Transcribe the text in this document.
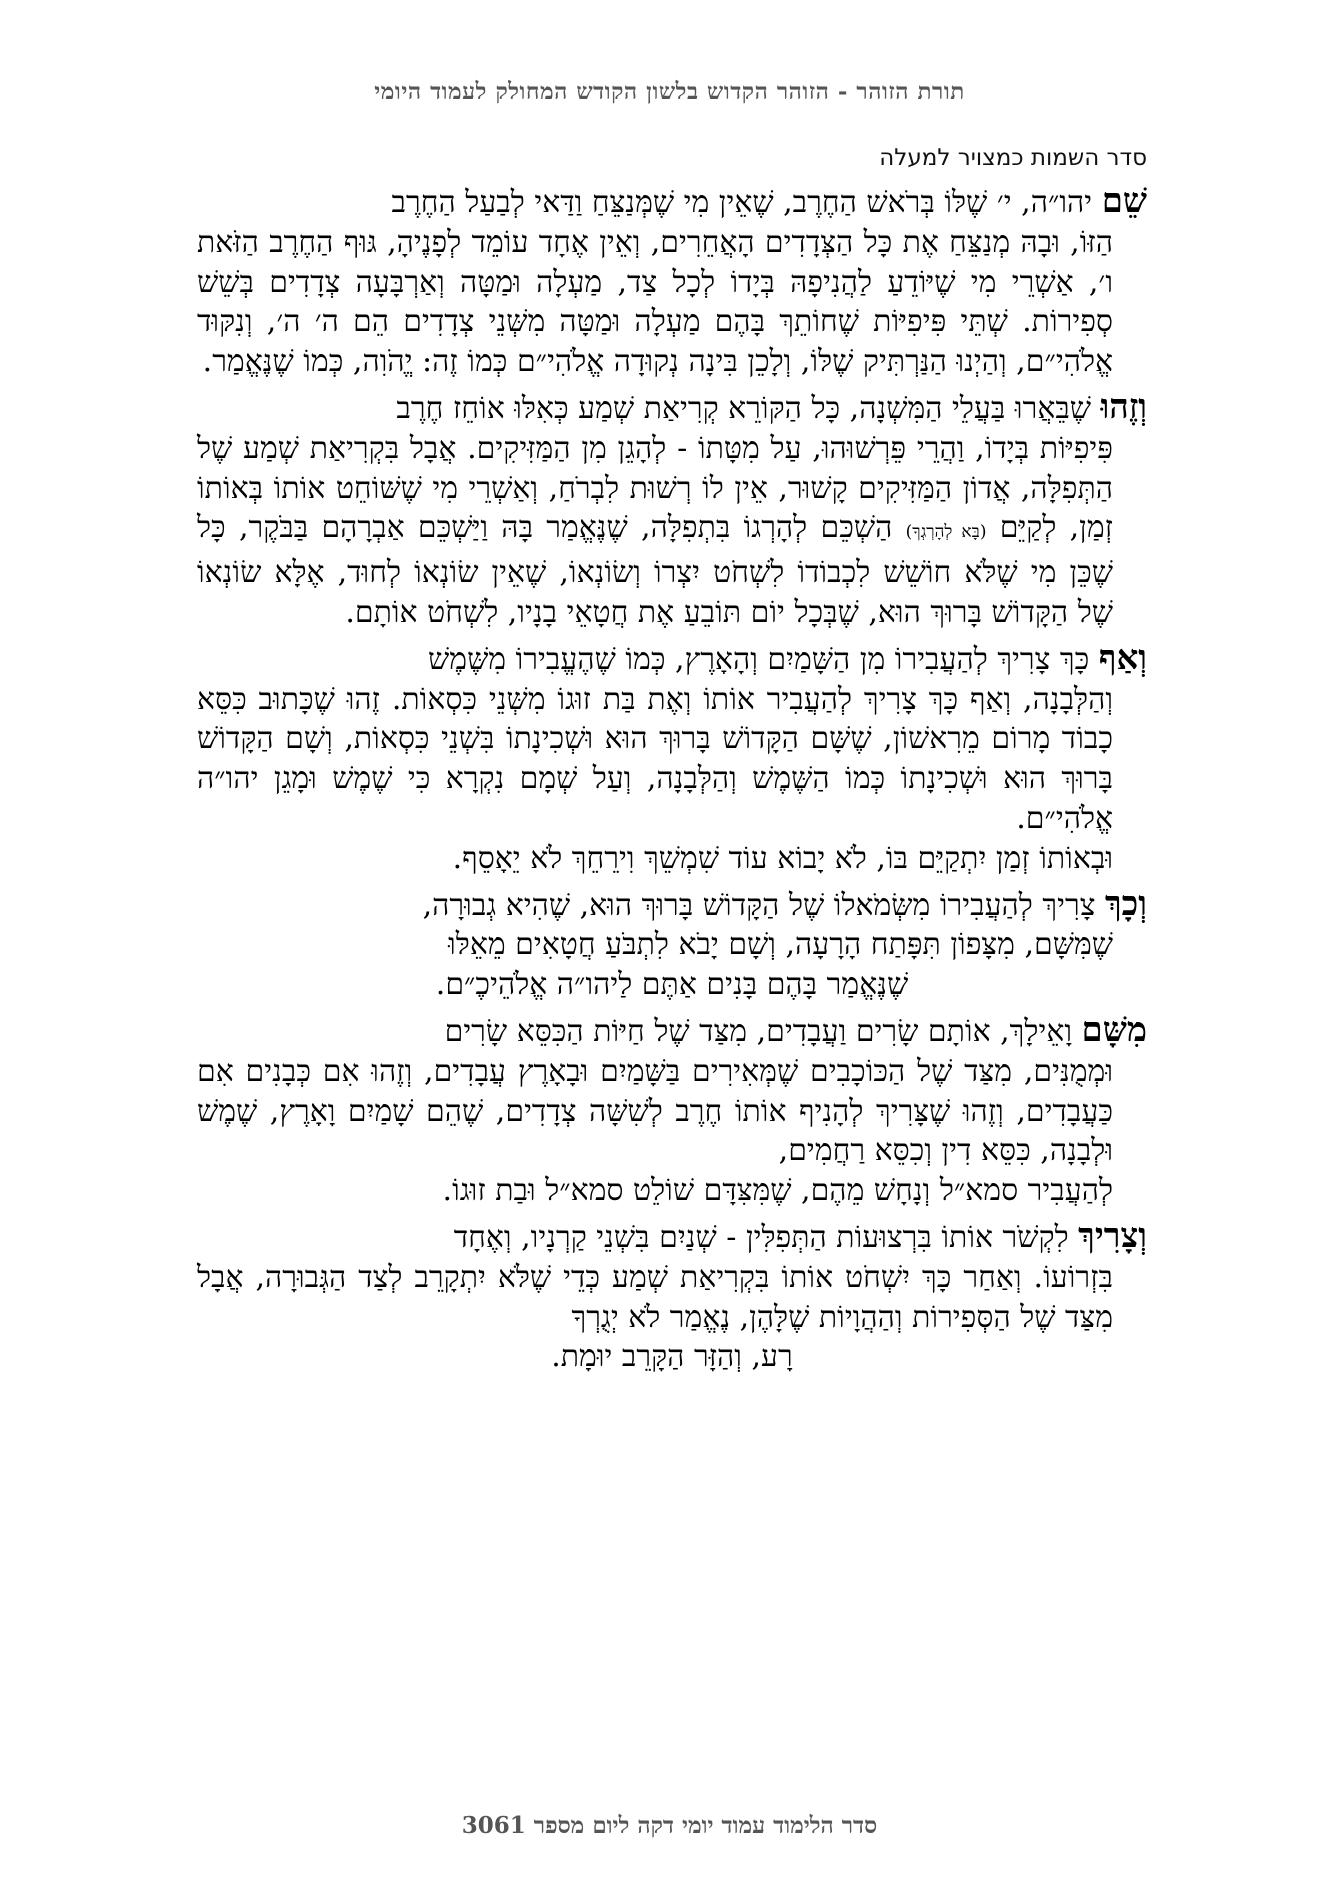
תורת הזוהר - הזוהר הקדוש בלשון הקודש המחולק לעמוד היומי
סדר השמות כמצויר למעלה

שֵׁם יהו״ה, י׳ שֶׁלּוֹ בְּרֹאשׁ הַחֶרֶב, שֶׁאֵין מִי שֶׁמְּנַצֵּחַ וַדַּאי לְבַעַל הַחֶרֶב
הַזּוֹ, וּבָהּ מְנַצֵּחַ אֶת כָּל הַצְּדָדִים הָאֲחֵרִים, וְאֵין אֶחָד עוֹמֵד לְפָנֶיהָ, גּוּף הַחֶרֶב הַזֹּאת ו׳, אַשְׁרֵי מִי שֶׁיּוֹדֵעַ לַהֲנִיפָהּ בְּיָדוֹ לְכָל צַד, מַעְלָה וּמַטָּה וְאַרְבָּעָה צְדָדִים בְּשֵׁשׁ סְפִירוֹת. שְׁתֵּי פִּיפִיּוֹת שֶׁחוֹתֵךְ בָּהֶם מַעְלָה וּמַטָּה מִשְּׁנֵי צְדָדִים הֵם ה׳ ה׳, וְנִקּוּד אֱלֹהִי״ם, וְהַיְנוּ הַנַּרְתִּיק שֶׁלּוֹ, וְלָכֵן בִּינָה נְקוּדָה אֱלֹהִי״ם כְּמוֹ זֶה: יֱהֹוִה, כְּמוֹ שֶׁנֶּאֱמַר.

וְזֶהוּ שֶׁבֵּאֲרוּ בַּעֲלֵי הַמִּשְׁנָה, כָּל הַקּוֹרֵא קְרִיאַת שְׁמַע כְּאִלּוּ אוֹחֵז חֶרֶב
פִּיפִיּוֹת בְּיָדוֹ, וַהֲרֵי פֵּרְשׁוּהוּ, עַל מִטָּתוֹ - לְהָגֵן מִן הַמַּזִּיקִים. אֲבָל בִּקְרִיאַת שְׁמַע שֶׁל הַתְּפִלָּה, אֲדוֹן הַמַּזִּיקִים קָשׁוּר, אֵין לוֹ רְשׁוּת לִבְרֹחַ, וְאַשְׁרֵי מִי שֶׁשּׁוֹחֵט אוֹתוֹ בְּאוֹתוֹ זְמַן, לְקַיֵּם (בָּא לְהָרְגְךָ) הַשְׁכֵּם לְהָרְגוֹ בִּתְפִלָּה, שֶׁנֶּאֱמַר בָּהּ וַיַּשְׁכֵּם אַבְרָהָם בַּבֹּקֶר, כָּל שֶׁכֵּן מִי שֶׁלֹּא חוֹשֵׁשׁ לִכְבוֹדוֹ לִשְׁחֹט יִצְרוֹ וְשׂוֹנְאוֹ, שֶׁאֵין שׂוֹנְאוֹ לְחוּד, אֶלָּא שׂוֹנְאוֹ שֶׁל הַקָּדוֹשׁ בָּרוּךְ הוּא, שֶׁבְּכָל יוֹם תּוֹבֵעַ אֶת חֲטָאֵי בָנָיו, לִשְׁחֹט אוֹתָם.

וְאַף כָּךְ צָרִיךְ לְהַעֲבִירוֹ מִן הַשָּׁמַיִם וְהָאָרֶץ, כְּמוֹ שֶׁהֶעֱבִירוֹ מִשֶּׁמֶשׁ
וְהַלְּבָנָה, וְאַף כָּךְ צָרִיךְ לְהַעֲבִיר אוֹתוֹ וְאֶת בַּת זוּגוֹ מִשְּׁנֵי כִּסְאוֹת. זֶהוּ שֶׁכָּתוּב כִּסֵּא כָבוֹד מָרוֹם מֵרִאשׁוֹן, שֶׁשָּׁם הַקָּדוֹשׁ בָּרוּךְ הוּא וּשְׁכִינָתוֹ בִּשְׁנֵי כִּסְאוֹת, וְשָׁם הַקָּדוֹשׁ בָּרוּךְ הוּא וּשְׁכִינָתוֹ כְּמוֹ הַשֶּׁמֶשׁ וְהַלְּבָנָה, וְעַל שְׁמָם נִקְרָא כִּי שֶׁמֶשׁ וּמָגֵן יהו״ה אֱלֹהִי״ם.
וּבְאוֹתוֹ זְמַן יִתְקַיֵּם בּוֹ, לֹא יָבוֹא עוֹד שִׁמְשֵׁךְ וִירֵחֵךְ לֹא יֵאָסֵף.

וְכָךְ צָרִיךְ לְהַעֲבִירוֹ מִשְּׂמֹאלוֹ שֶׁל הַקָּדוֹשׁ בָּרוּךְ הוּא, שֶׁהִיא גְבוּרָה,
שֶׁמִּשָּׁם, מִצָּפוֹן תִּפָּתַח הָרָעָה, וְשָׁם יָבֹא לִתְבֹּעַ חֲטָאִים מֵאֵלּוּ
שֶׁנֶּאֱמַר בָּהֶם בָּנִים אַתֶּם לַיהו״ה אֱלֹהֵיכֶ״ם.

מִשָּׁם וָאֵילָךְ, אוֹתָם שָׂרִים וַעֲבָדִים, מִצַּד שֶׁל חַיּוֹת הַכִּסֵּא שָׂרִים
וּמְמֻנִּים, מִצַּד שֶׁל הַכּוֹכָבִים שֶׁמְּאִירִים בַּשָּׁמַיִם וּבָאָרֶץ עֲבָדִים, וְזֶהוּ אִם כְּבָנִים אִם כַּעֲבָדִים, וְזֶהוּ שֶׁצָּרִיךְ לְהָנִיף אוֹתוֹ חֶרֶב לְשִׁשָּׁה צְדָדִים, שֶׁהֵם שָׁמַיִם וָאָרֶץ, שֶׁמֶשׁ וּלְבָנָה, כִּסֵּא דִין וְכִסֵּא רַחֲמִים,
לְהַעֲבִיר סמא״ל וְנָחָשׁ מֵהֶם, שֶׁמִּצִּדָּם שׁוֹלֵט סמא״ל וּבַת זוּגוֹ.

וְצָרִיךְ לִקְשֹׁר אוֹתוֹ בִּרְצוּעוֹת הַתְּפִלִּין - שְׁנַיִם בִּשְׁנֵי קַרְנָיו, וְאֶחָד
בִּזְרוֹעוֹ. וְאַחַר כָּךְ יִשְׁחֹט אוֹתוֹ בִּקְרִיאַת שְׁמַע כְּדֵי שֶׁלֹּא יִתְקָרֵב לְצַד הַגְּבוּרָה, אֲבָל מִצַּד שֶׁל הַסְּפִירוֹת וְהַהֲוָיוֹת שֶׁלָּהֶן, נֶאֱמַר לֹא יְגֻרְךָ
רָע, וְהַזָּר הַקָּרֵב יוּמָת.

סדר הלימוד עמוד יומי דקה ליום מספר 3061
